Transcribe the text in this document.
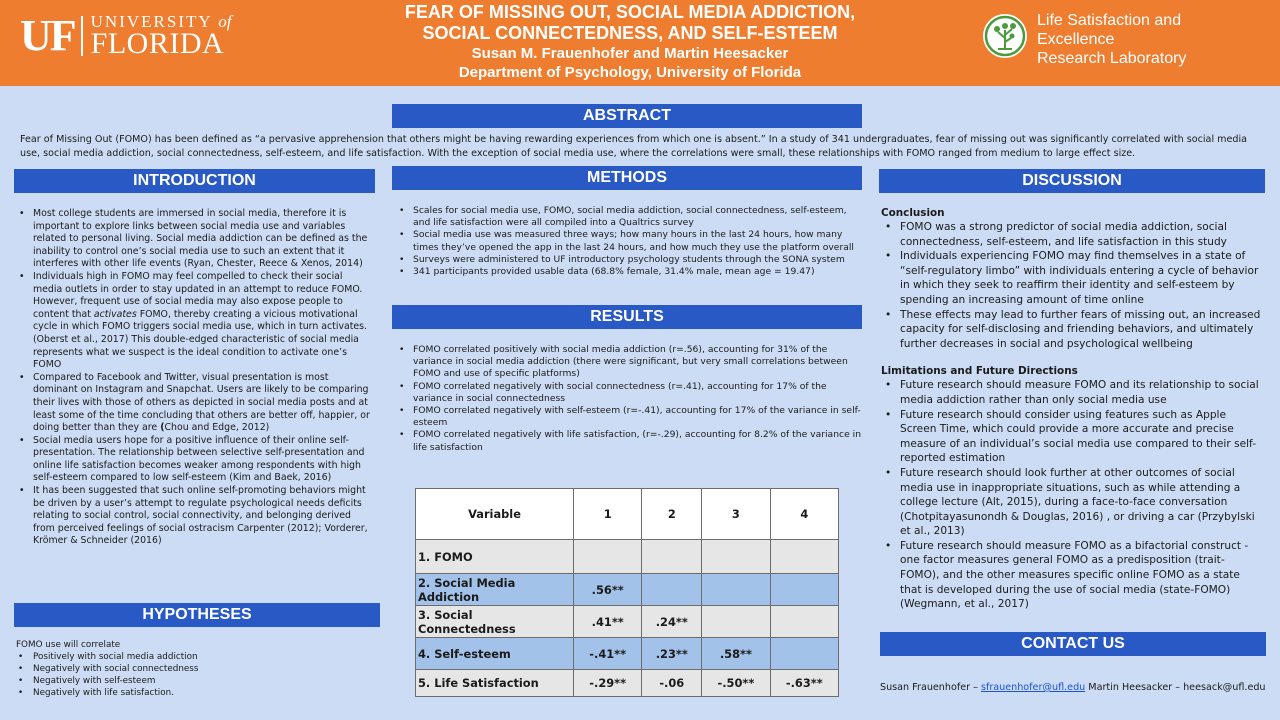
UF UNIVERSITY of
FLORIDA
FEAR OF MISSING OUT, SOCIAL MEDIA ADDICTION,
SOCIAL CONNECTEDNESS, AND SELF-ESTEEM
Susan M. Frauenhofer and Martin Heesacker
Department of Psychology, University of Florida
Life Satisfaction and
Excellence
Research Laboratory
ABSTRACT
Fear of Missing Out (FOMO) has been defined as “a pervasive apprehension that others might be having rewarding experiences from which one is absent.” In a study of 341 undergraduates, fear of missing out was significantly correlated with social media use, social media addiction, social connectedness, self-esteem, and life satisfaction. With the exception of social media use, where the correlations were small, these relationships with FOMO ranged from medium to large effect size.
INTRODUCTION
• Most college students are immersed in social media, therefore it is important to explore links between social media use and variables related to personal living. Social media addiction can be defined as the inability to control one’s social media use to such an extent that it interferes with other life events (Ryan, Chester, Reece & Xenos, 2014)
• Individuals high in FOMO may feel compelled to check their social media outlets in order to stay updated in an attempt to reduce FOMO. However, frequent use of social media may also expose people to content that activates FOMO, thereby creating a vicious motivational cycle in which FOMO triggers social media use, which in turn activates. (Oberst et al., 2017) This double-edged characteristic of social media represents what we suspect is the ideal condition to activate one’s FOMO
• Compared to Facebook and Twitter, visual presentation is most dominant on Instagram and Snapchat. Users are likely to be comparing their lives with those of others as depicted in social media posts and at least some of the time concluding that others are better off, happier, or doing better than they are (Chou and Edge, 2012)
• Social media users hope for a positive influence of their online self-presentation. The relationship between selective self-presentation and online life satisfaction becomes weaker among respondents with high self-esteem compared to low self-esteem (Kim and Baek, 2016)
• It has been suggested that such online self-promoting behaviors might be driven by a user’s attempt to regulate psychological needs deficits relating to social control, social connectivity, and belonging derived from perceived feelings of social ostracism Carpenter (2012); Vorderer, Krömer & Schneider (2016)
HYPOTHESES
FOMO use will correlate
• Positively with social media addiction
• Negatively with social connectedness
• Negatively with self-esteem
• Negatively with life satisfaction.
METHODS
• Scales for social media use, FOMO, social media addiction, social connectedness, self-esteem, and life satisfaction were all compiled into a Qualtrics survey
• Social media use was measured three ways; how many hours in the last 24 hours, how many times they’ve opened the app in the last 24 hours, and how much they use the platform overall
• Surveys were administered to UF introductory psychology students through the SONA system
• 341 participants provided usable data (68.8% female, 31.4% male, mean age = 19.47)
RESULTS
• FOMO correlated positively with social media addiction (r=.56), accounting for 31% of the variance in social media addiction (there were significant, but very small correlations between FOMO and use of specific platforms)
• FOMO correlated negatively with social connectedness (r=.41), accounting for 17% of the variance in social connectedness
• FOMO correlated negatively with self-esteem (r=-.41), accounting for 17% of the variance in self-esteem
• FOMO correlated negatively with life satisfaction, (r=-.29), accounting for 8.2% of the variance in life satisfaction
Variable	1	2	3	4
1. FOMO				
2. Social Media Addiction	.56**			
3. Social Connectedness	.41**	.24**		
4. Self-esteem	-.41**	.23**	.58**	
5. Life Satisfaction	-.29**	-.06	-.50**	-.63**
DISCUSSION
Conclusion
• FOMO was a strong predictor of social media addiction, social connectedness, self-esteem, and life satisfaction in this study
• Individuals experiencing FOMO may find themselves in a state of “self-regulatory limbo” with individuals entering a cycle of behavior in which they seek to reaffirm their identity and self-esteem by spending an increasing amount of time online
• These effects may lead to further fears of missing out, an increased capacity for self-disclosing and friending behaviors, and ultimately further decreases in social and psychological wellbeing
Limitations and Future Directions
• Future research should measure FOMO and its relationship to social media addiction rather than only social media use
• Future research should consider using features such as Apple Screen Time, which could provide a more accurate and precise measure of an individual’s social media use compared to their self-reported estimation
• Future research should look further at other outcomes of social media use in inappropriate situations, such as while attending a college lecture (Alt, 2015), during a face-to-face conversation (Chotpitayasunondh & Douglas, 2016) , or driving a car (Przybylski et al., 2013)
• Future research should measure FOMO as a bifactorial construct - one factor measures general FOMO as a predisposition (trait-FOMO), and the other measures specific online FOMO as a state that is developed during the use of social media (state-FOMO) (Wegmann, et al., 2017)
CONTACT US
Susan Frauenhofer – sfrauenhofer@ufl.edu Martin Heesacker – heesack@ufl.edu
